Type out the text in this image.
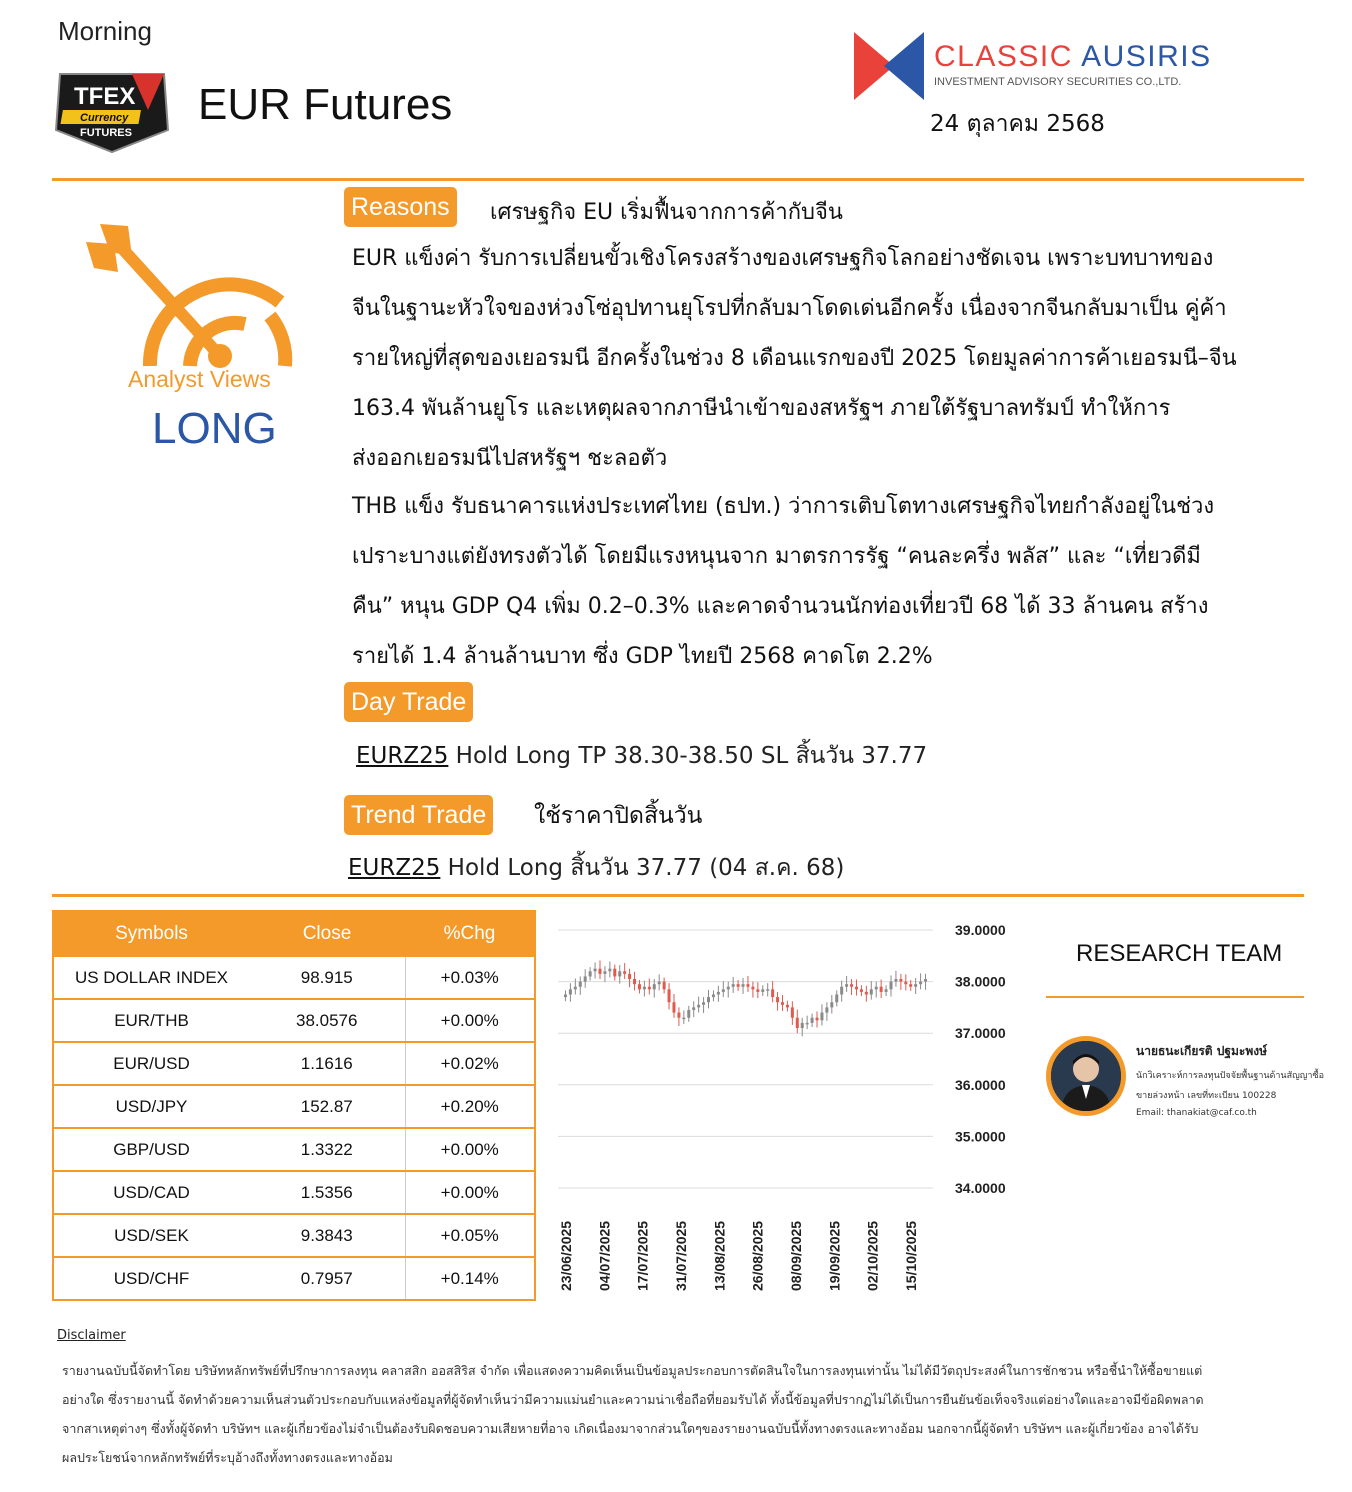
Morning
TFEX
Currency
FUTURES
EUR Futures
CLASSIC AUSIRIS
INVESTMENT ADVISORY SECURITIES CO.,LTD.
24 ตุลาคม 2568
Analyst Views
LONG
Reasons	เศรษฐกิจ EU เริ่มฟื้นจากการค้ากับจีน
EUR แข็งค่า รับการเปลี่ยนขั้วเชิงโครงสร้างของเศรษฐกิจโลกอย่างชัดเจน เพราะบทบาทของ
จีนในฐานะหัวใจของห่วงโซ่อุปทานยุโรปที่กลับมาโดดเด่นอีกครั้ง เนื่องจากจีนกลับมาเป็น คู่ค้า
รายใหญ่ที่สุดของเยอรมนี อีกครั้งในช่วง 8 เดือนแรกของปี 2025 โดยมูลค่าการค้าเยอรมนี–จีน
163.4 พันล้านยูโร และเหตุผลจากภาษีนำเข้าของสหรัฐฯ ภายใต้รัฐบาลทรัมป์ ทำให้การ
ส่งออกเยอรมนีไปสหรัฐฯ ชะลอตัว
THB แข็ง รับธนาคารแห่งประเทศไทย (ธปท.) ว่าการเติบโตทางเศรษฐกิจไทยกำลังอยู่ในช่วง
เปราะบางแต่ยังทรงตัวได้ โดยมีแรงหนุนจาก มาตรการรัฐ “คนละครึ่ง พลัส” และ “เที่ยวดีมี
คืน” หนุน GDP Q4 เพิ่ม 0.2–0.3% และคาดจำนวนนักท่องเที่ยวปี 68 ได้ 33 ล้านคน สร้าง
รายได้ 1.4 ล้านล้านบาท ซึ่ง GDP ไทยปี 2568 คาดโต 2.2%
Day Trade
EURZ25 Hold Long TP 38.30-38.50 SL สิ้นวัน 37.77
Trend Trade	ใช้ราคาปิดสิ้นวัน
EURZ25 Hold Long สิ้นวัน 37.77 (04 ส.ค. 68)
Symbols	Close	%Chg
US DOLLAR INDEX	98.915	+0.03%
EUR/THB	38.0576	+0.00%
EUR/USD	1.1616	+0.02%
USD/JPY	152.87	+0.20%
GBP/USD	1.3322	+0.00%
USD/CAD	1.5356	+0.00%
USD/SEK	9.3843	+0.05%
USD/CHF	0.7957	+0.14%
39.0000
38.0000
37.0000
36.0000
35.0000
34.0000
23/06/2025 04/07/2025 17/07/2025 31/07/2025 13/08/2025 26/08/2025 08/09/2025 19/09/2025 02/10/2025 15/10/2025
RESEARCH TEAM
นายธนะเกียรติ ปฐมะพงษ์
นักวิเคราะห์การลงทุนปัจจัยพื้นฐานด้านสัญญาซื้อ
ขายล่วงหน้า เลขที่ทะเบียน 100228
Email: thanakiat@caf.co.th
Disclaimer
รายงานฉบับนี้จัดทำโดย บริษัทหลักทรัพย์ที่ปรึกษาการลงทุน คลาสสิก ออสสิริส จำกัด เพื่อแสดงความคิดเห็นเป็นข้อมูลประกอบการตัดสินใจในการลงทุนเท่านั้น ไม่ได้มีวัตถุประสงค์ในการชักชวน หรือชี้นำให้ซื้อขายแต่
อย่างใด ซึ่งรายงานนี้ จัดทำด้วยความเห็นส่วนตัวประกอบกับแหล่งข้อมูลที่ผู้จัดทำเห็นว่ามีความแม่นยำและความน่าเชื่อถือที่ยอมรับได้ ทั้งนี้ข้อมูลที่ปรากฏไม่ได้เป็นการยืนยันข้อเท็จจริงแต่อย่างใดและอาจมีข้อผิดพลาด
จากสาเหตุต่างๆ ซึ่งทั้งผู้จัดทำ บริษัทฯ และผู้เกี่ยวข้องไม่จำเป็นต้องรับผิดชอบความเสียหายที่อาจ เกิดเนื่องมาจากส่วนใดๆของรายงานฉบับนี้ทั้งทางตรงและทางอ้อม นอกจากนี้ผู้จัดทำ บริษัทฯ และผู้เกี่ยวข้อง อาจได้รับ
ผลประโยชน์จากหลักทรัพย์ที่ระบุอ้างถึงทั้งทางตรงและทางอ้อม
